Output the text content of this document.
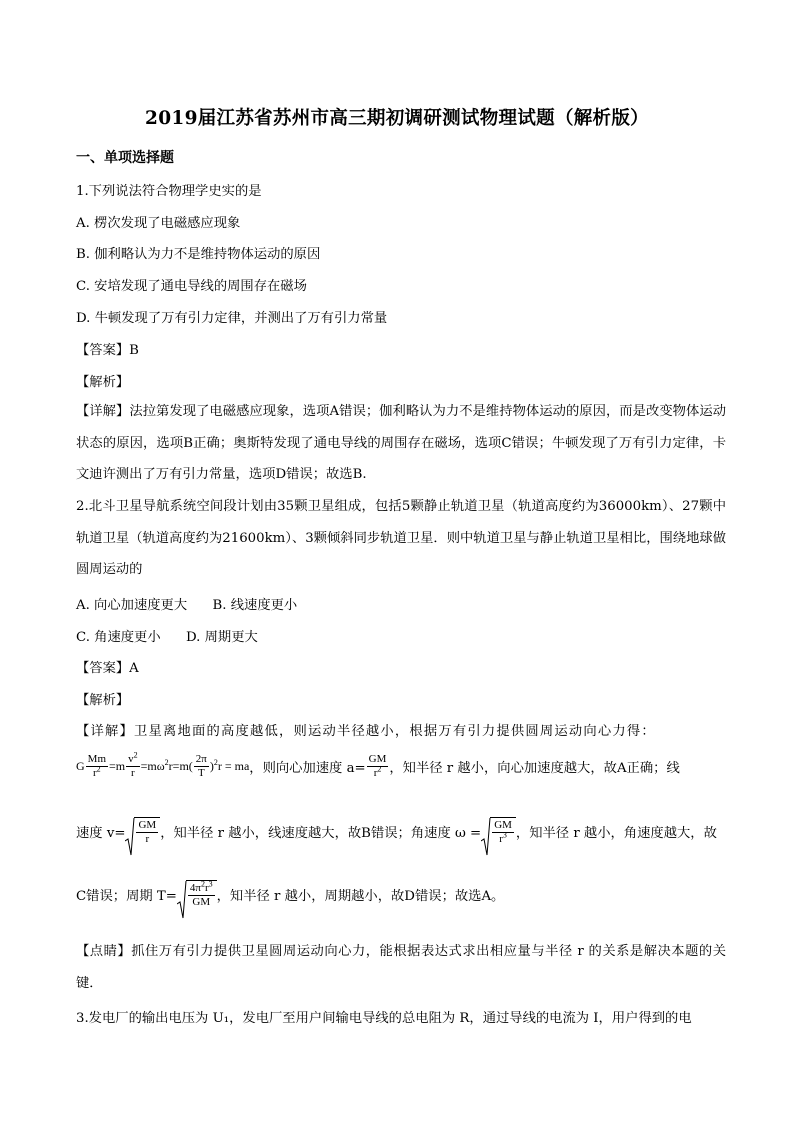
2019届江苏省苏州市高三期初调研测试物理试题（解析版）
一、单项选择题
1.下列说法符合物理学史实的是
A. 楞次发现了电磁感应现象
B. 伽利略认为力不是维持物体运动的原因
C. 安培发现了通电导线的周围存在磁场
D. 牛顿发现了万有引力定律，并测出了万有引力常量
【答案】B
【解析】
【详解】法拉第发现了电磁感应现象，选项A错误；伽利略认为力不是维持物体运动的原因，而是改变物体运动状态的原因，选项B正确；奥斯特发现了通电导线的周围存在磁场，选项C错误；牛顿发现了万有引力定律，卡文迪许测出了万有引力常量，选项D错误；故选B.
2.北斗卫星导航系统空间段计划由35颗卫星组成，包括5颗静止轨道卫星（轨道高度约为36000km）、27颗中轨道卫星（轨道高度约为21600km）、3颗倾斜同步轨道卫星．则中轨道卫星与静止轨道卫星相比，围绕地球做圆周运动的
A. 向心加速度更大      B. 线速度更小
C. 角速度更小      D. 周期更大
【答案】A
【解析】
【详解】卫星离地面的高度越低，则运动半径越小，根据万有引力提供圆周运动向心力得：
G $\frac{Mm}{r^2} = m \frac{v^2}{r} = m\omega^2r = m$ ( $\frac{2\pi}{T} )^2$ r = ma ，则向心加速度 $a= \frac{GM}{r^2}$ ，知半径 r 越小，向心加速度越大，故A正确；线
速度 $v= \frac{GM}{r}$ ，知半径 r 越小，线速度越大，故B错误；角速度 $\omega = \frac{GM}{r^3}$ ，知半径 r 越小，角速度越大，故
C错误；周期 $T= \frac{4\pi^2r^3}{GM}$ ，知半径 r 越小，周期越小，故D错误；故选A。
【点睛】抓住万有引力提供卫星圆周运动向心力，能根据表达式求出相应量与半径 r 的关系是解决本题的关键．
3.发电厂的输出电压为 U₁，发电厂至用户间输电导线的总电阻为 R，通过导线的电流为 I，用户得到的电
